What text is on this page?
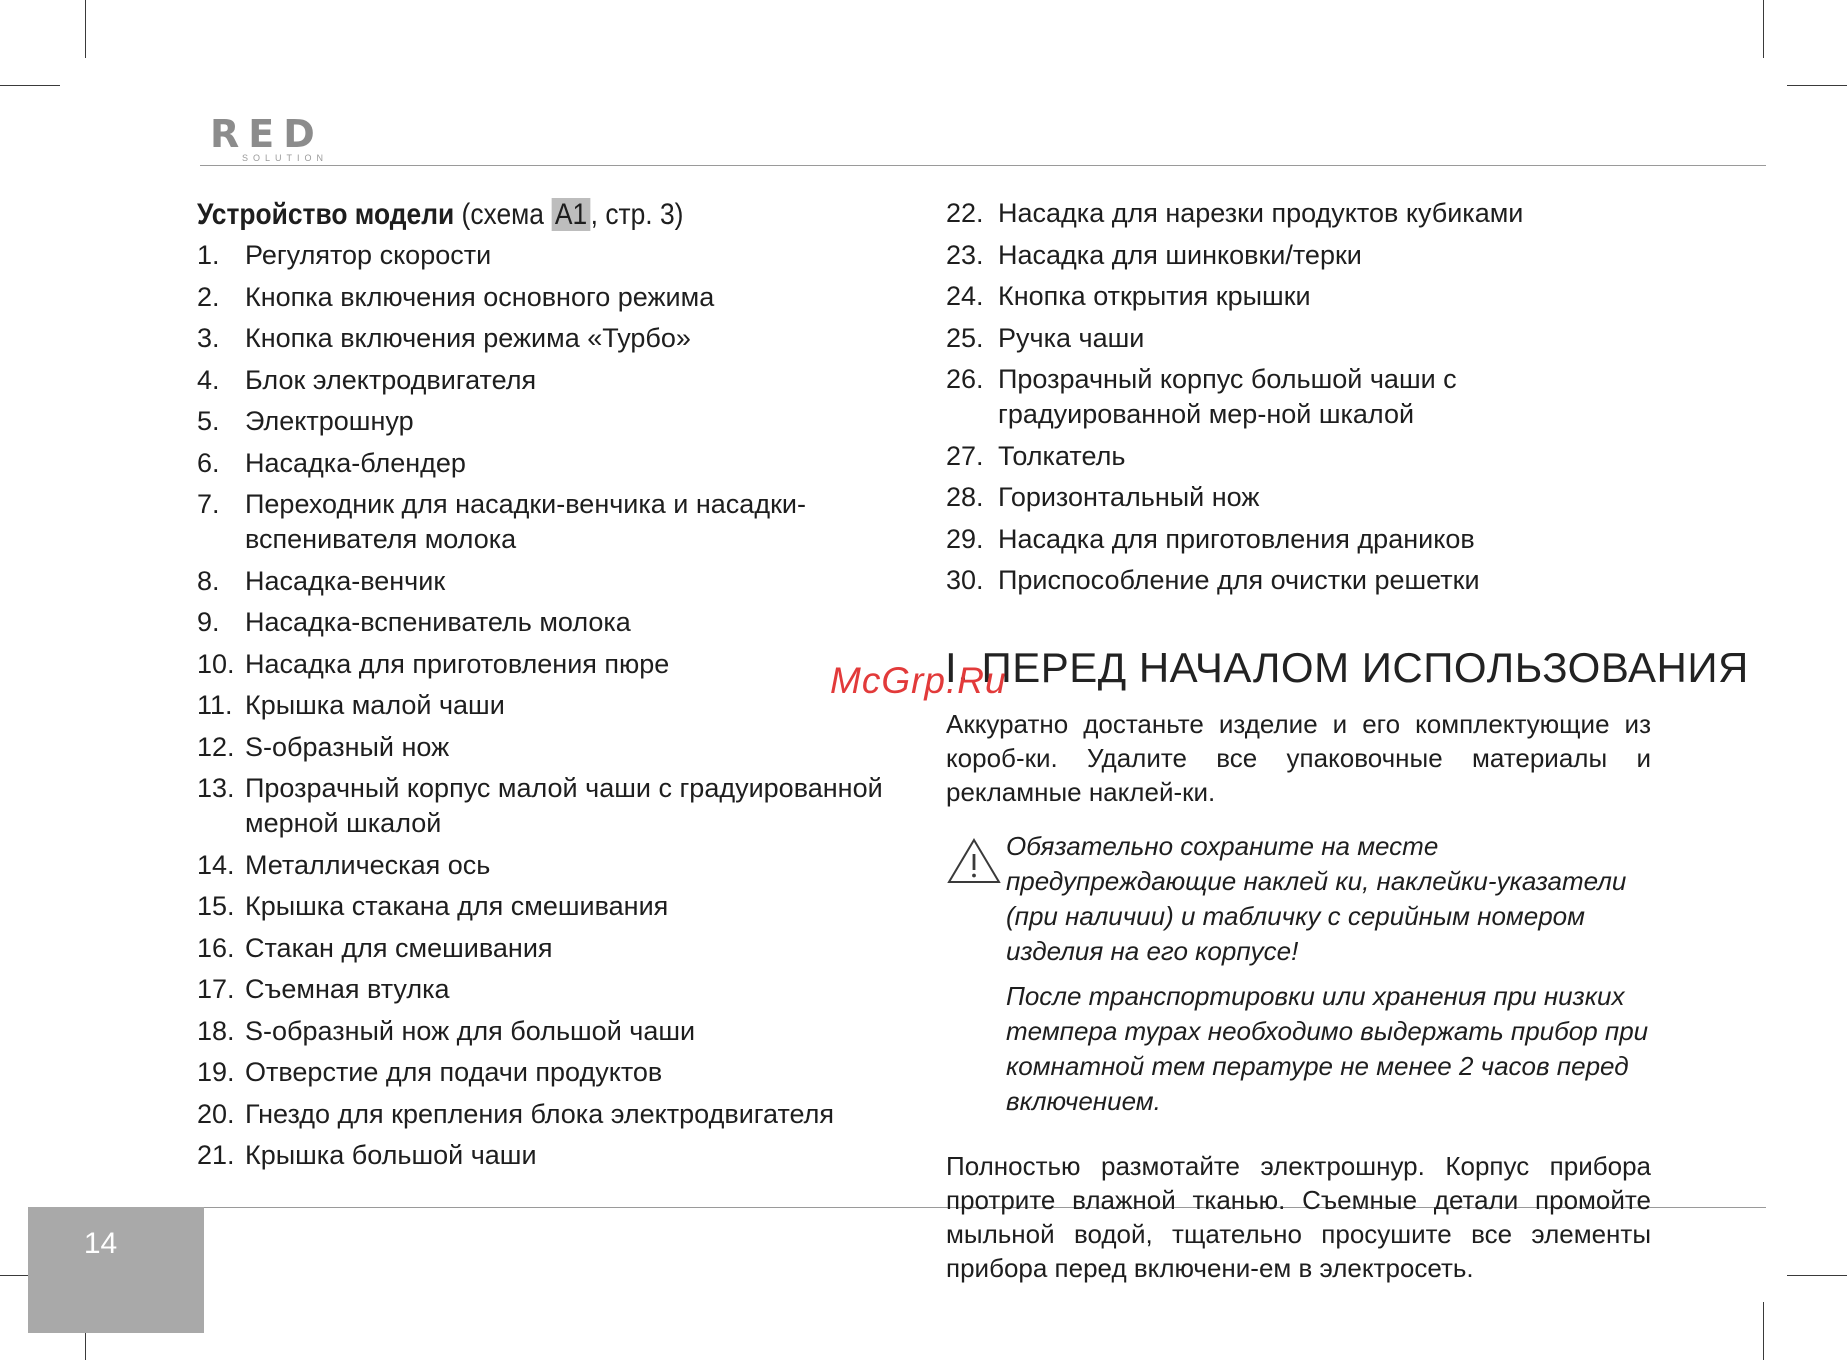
RED
SOLUTION
Устройство модели (схема A1 , стр. 3)
1. Регулятор скорости
2. Кнопка включения основного режима
3. Кнопка включения режима «Турбо»
4. Блок электродвигателя
5. Электрошнур
6. Насадка-блендер
7. Переходник для насадки-венчика и насадки-вспенивателя молока
8. Насадка-венчик
9. Насадка-вспениватель молока
10. Насадка для приготовления пюре
11. Крышка малой чаши
12. S-образный нож
13. Прозрачный корпус малой чаши с градуированной мерной шкалой
14. Металлическая ось
15. Крышка стакана для смешивания
16. Стакан для смешивания
17. Съемная втулка
18. S-образный нож для большой чаши
19. Отверстие для подачи продуктов
20. Гнездо для крепления блока электродвигателя
21. Крышка большой чаши
22. Насадка для нарезки продуктов кубиками
23. Насадка для шинковки/терки
24. Кнопка открытия крышки
25. Ручка чаши
26. Прозрачный корпус большой чаши с градуированной мер-ной шкалой
27. Толкатель
28. Горизонтальный нож
29. Насадка для приготовления драников
30. Приспособление для очистки решетки
I. ПЕРЕД НАЧАЛОМ ИСПОЛЬЗОВАНИЯ

Аккуратно достаньте изделие и его комплектующие из короб-ки. Удалите все упаковочные материалы и рекламные наклей-ки.

Обязательно сохраните на месте предупреждающие наклей ки, наклейки-указатели (при наличии) и табличку с серийным номером изделия на его корпусе!

После транспортировки или хранения при низких темпера турах необходимо выдержать прибор при комнатной тем пературе не менее 2 часов перед включением.

Полностью размотайте электрошнур. Корпус прибора протрите влажной тканью. Съемные детали промойте мыльной водой, тщательно просушите все элементы прибора перед включени-ем в электросеть.

McGrp.Ru
14
